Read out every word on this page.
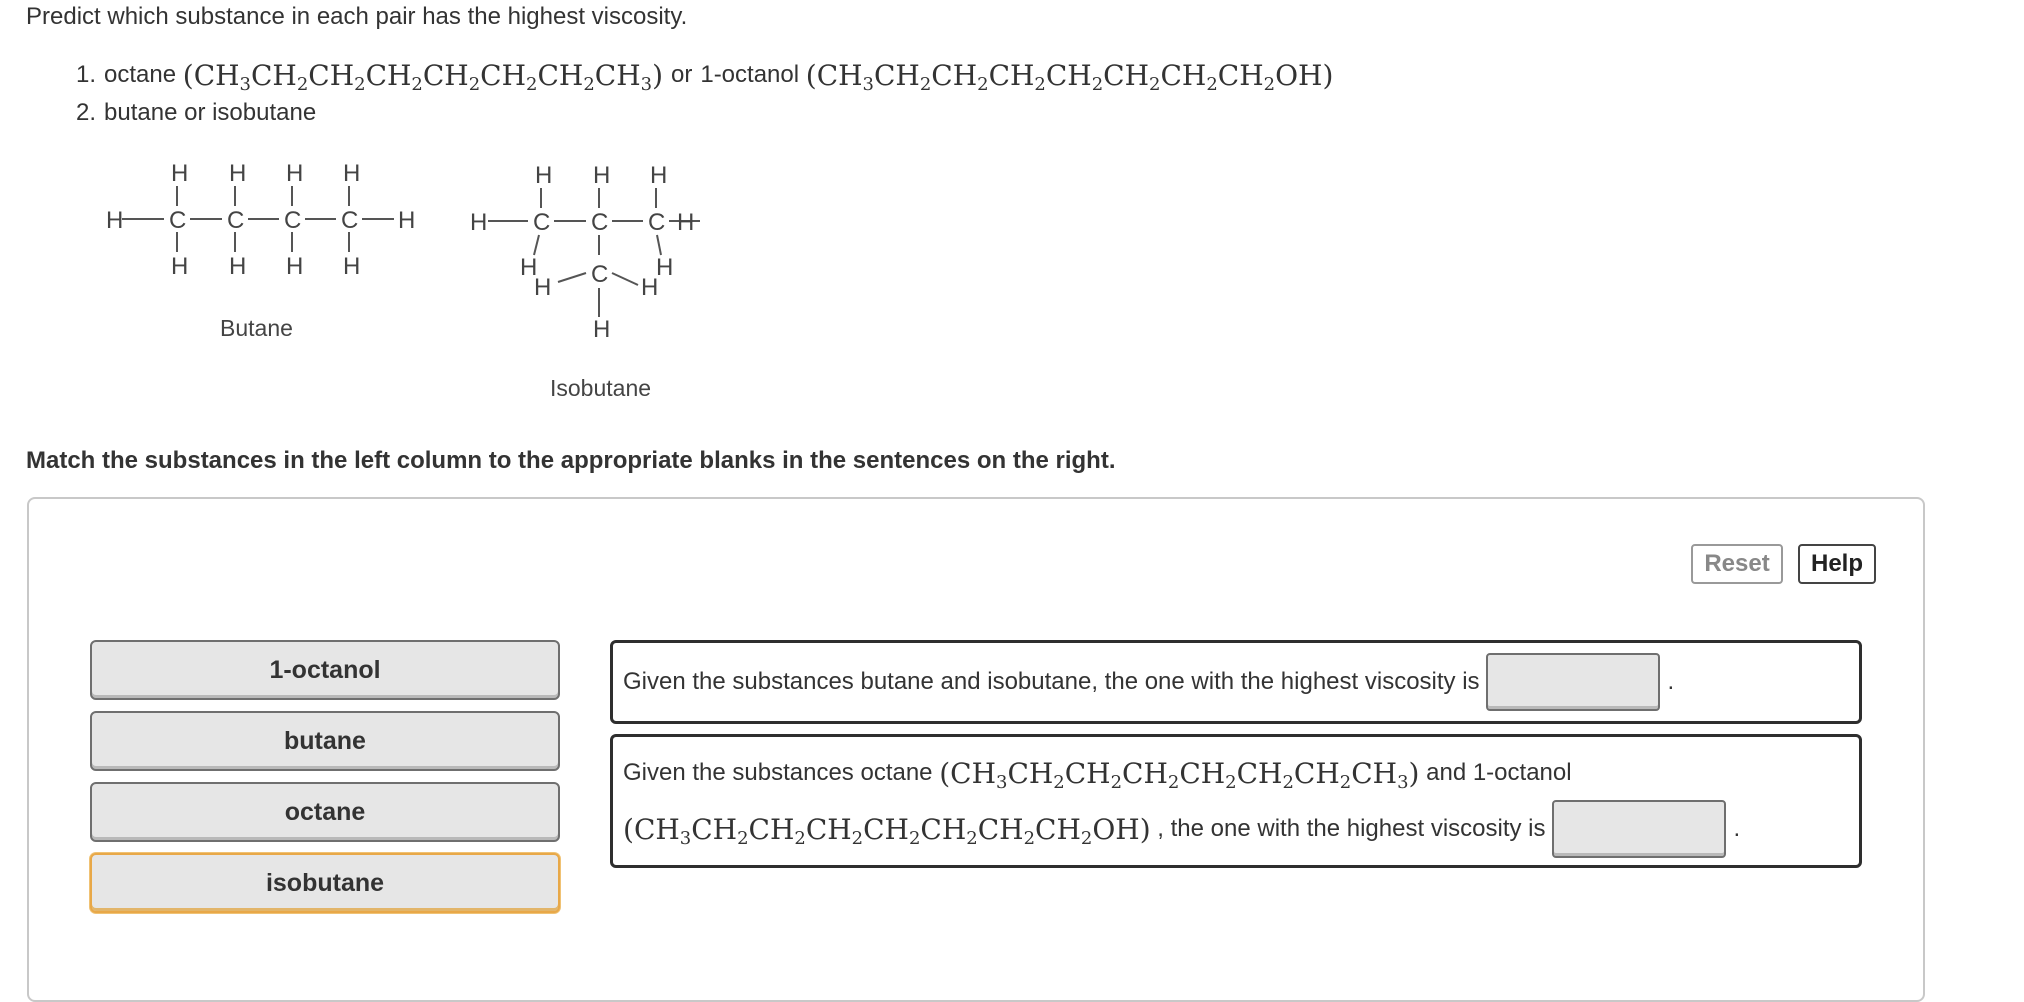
Predict which substance in each pair has the highest viscosity.
1. octane
$(CH_3CH_2CH_2CH_2CH_2CH_2CH_2CH_3)$ or 1-octanol
$(CH_3CH_2CH_2CH_2CH_2CH_2CH_2CH_2OH)$
2. butane or isobutane
H H H H
H C C C C H
H H H H
Butane
H H H
H C C C H
H
H C H
H
H
Isobutane
Match the substances in the left column to the appropriate blanks in the sentences on the right.
Reset	Help
1-octanol
butane
octane
isobutane
Given the substances butane and isobutane, the one with the highest viscosity is	.
Given the substances octane
$(CH_3CH_2CH_2CH_2CH_2CH_2CH_2CH_3)$
and 1-octanol
$(CH_3CH_2CH_2CH_2CH_2CH_2CH_2CH_2OH)$
, the one with the highest viscosity is	.
